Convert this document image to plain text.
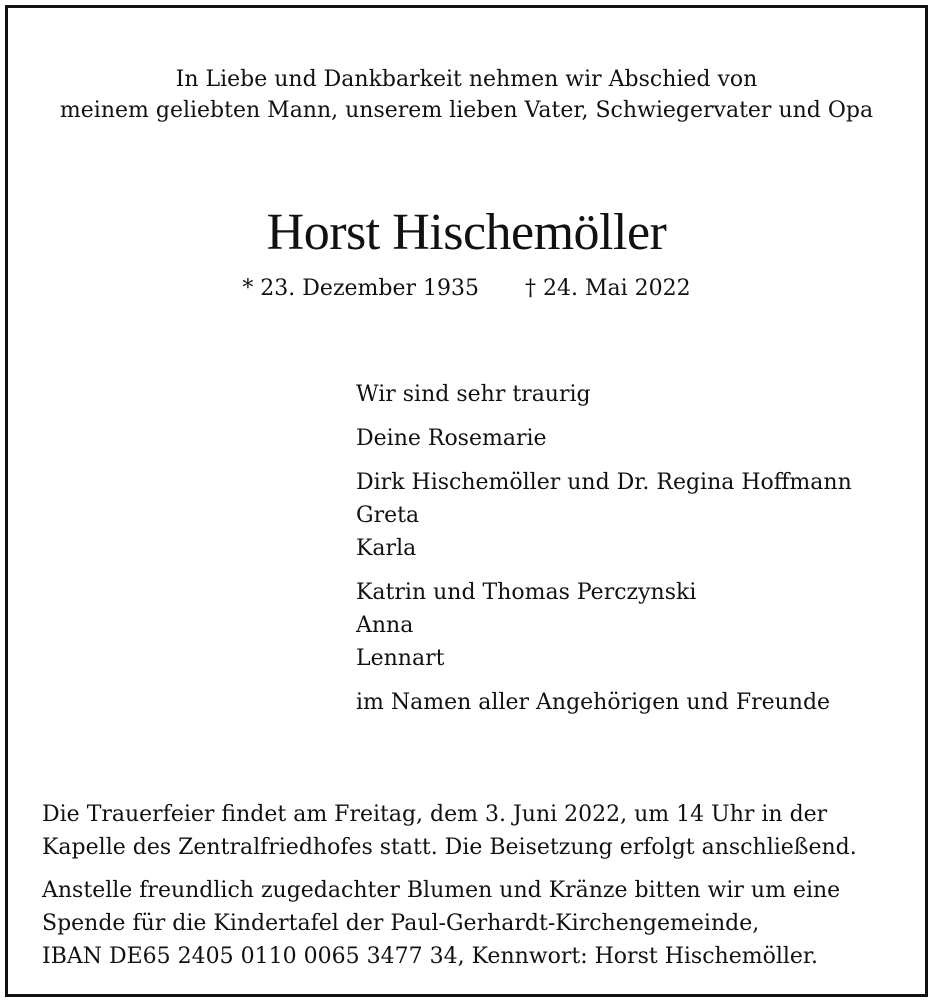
In Liebe und Dankbarkeit nehmen wir Abschied von
meinem geliebten Mann, unserem lieben Vater, Schwiegervater und Opa
Horst Hischemöller
* 23. Dezember 1935 † 24. Mai 2022
Wir sind sehr traurig
Deine Rosemarie
Dirk Hischemöller und Dr. Regina Hoffmann
Greta
Karla
Katrin und Thomas Perczynski
Anna
Lennart
im Namen aller Angehörigen und Freunde
Die Trauerfeier findet am Freitag, dem 3. Juni 2022, um 14 Uhr in der
Kapelle des Zentralfriedhofes statt. Die Beisetzung erfolgt anschließend.
Anstelle freundlich zugedachter Blumen und Kränze bitten wir um eine
Spende für die Kindertafel der Paul-Gerhardt-Kirchengemeinde,
IBAN DE65 2405 0110 0065 3477 34, Kennwort: Horst Hischemöller.
